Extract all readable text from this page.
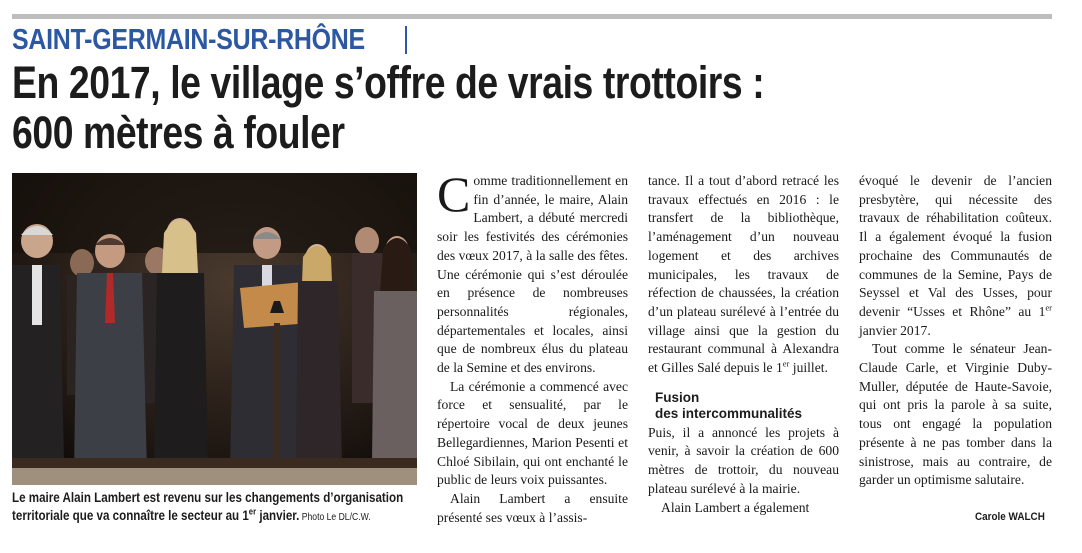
SAINT-GERMAIN-SUR-RHÔNE
En 2017, le village s’offre de vrais trottoirs :
600 mètres à fouler
Le maire Alain Lambert est revenu sur les changements d’organisation territoriale que va connaître le secteur au 1er janvier. Photo Le DL/C.W.

Comme traditionnellement en fin d’année, le maire, Alain Lambert, a débuté mercredi soir les festivités des cérémonies des vœux 2017, à la salle des fêtes. Une cérémonie qui s’est déroulée en présence de nombreuses personnalités régionales, départementales et locales, ainsi que de nombreux élus du plateau de la Semine et des environs.

La cérémonie a commencé avec force et sensualité, par le répertoire vocal de deux jeunes Bellegardiennes, Marion Pesenti et Chloé Sibilain, qui ont enchanté le public de leurs voix puissantes.

Alain Lambert a ensuite présenté ses vœux à l’assis-

tance. Il a tout d’abord retracé les travaux effectués en 2016 : le transfert de la bibliothèque, l’aménagement d’un nouveau logement et des archives municipales, les travaux de réfection de chaussées, la création d’un plateau surélevé à l’entrée du village ainsi que la gestion du restaurant communal à Alexandra et Gilles Salé depuis le 1er juillet.

Fusion
des intercommunalités

Puis, il a annoncé les projets à venir, à savoir la création de 600 mètres de trottoir, du nouveau plateau surélevé à la mairie.

Alain Lambert a également

évoqué le devenir de l’ancien presbytère, qui nécessite des travaux de réhabilitation coûteux. Il a également évoqué la fusion prochaine des Communautés de communes de la Semine, Pays de Seyssel et Val des Usses, pour devenir “Usses et Rhône” au 1er janvier 2017.

Tout comme le sénateur Jean-Claude Carle, et Virginie Duby-Muller, députée de Haute-Savoie, qui ont pris la parole à sa suite, tous ont engagé la population présente à ne pas tomber dans la sinistrose, mais au contraire, de garder un optimisme salutaire.

Carole WALCH
